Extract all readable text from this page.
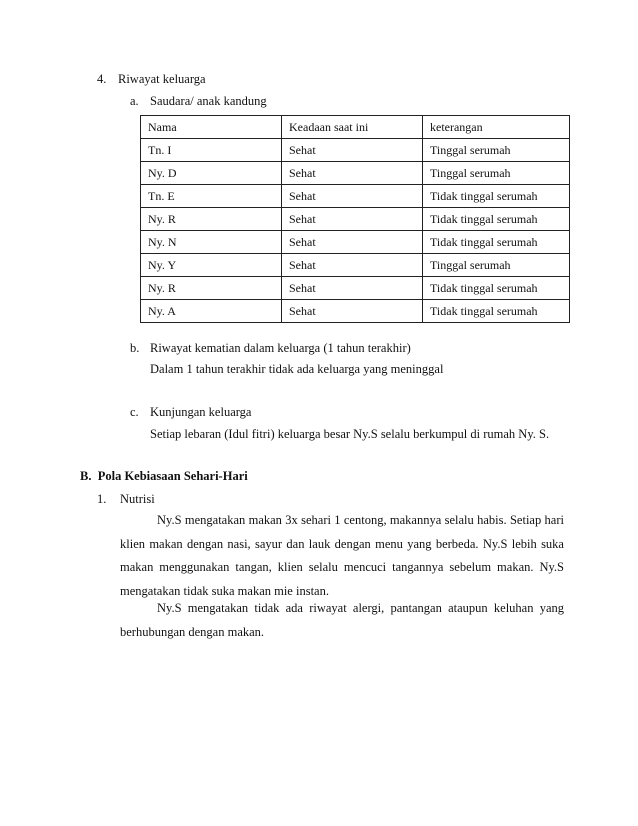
4. Riwayat keluarga
a. Saudara/ anak kandung
Nama	Keadaan saat ini	keterangan
Tn. I	Sehat	Tinggal serumah
Ny. D	Sehat	Tinggal serumah
Tn. E	Sehat	Tidak tinggal serumah
Ny. R	Sehat	Tidak tinggal serumah
Ny. N	Sehat	Tidak tinggal serumah
Ny. Y	Sehat	Tinggal serumah
Ny. R	Sehat	Tidak tinggal serumah
Ny. A	Sehat	Tidak tinggal serumah
b. Riwayat kematian dalam keluarga (1 tahun terakhir)
Dalam 1 tahun terakhir tidak ada keluarga yang meninggal
c. Kunjungan keluarga
Setiap lebaran (Idul fitri) keluarga besar Ny.S selalu berkumpul di rumah Ny. S.
B.  Pola Kebiasaan Sehari-Hari
1. Nutrisi
Ny.S mengatakan makan 3x sehari 1 centong, makannya selalu habis. Setiap hari klien makan dengan nasi, sayur dan lauk dengan menu yang berbeda. Ny.S lebih suka makan menggunakan tangan, klien selalu mencuci tangannya sebelum makan. Ny.S mengatakan tidak suka makan mie instan.
Ny.S mengatakan tidak ada riwayat alergi, pantangan ataupun keluhan yang berhubungan dengan makan.
